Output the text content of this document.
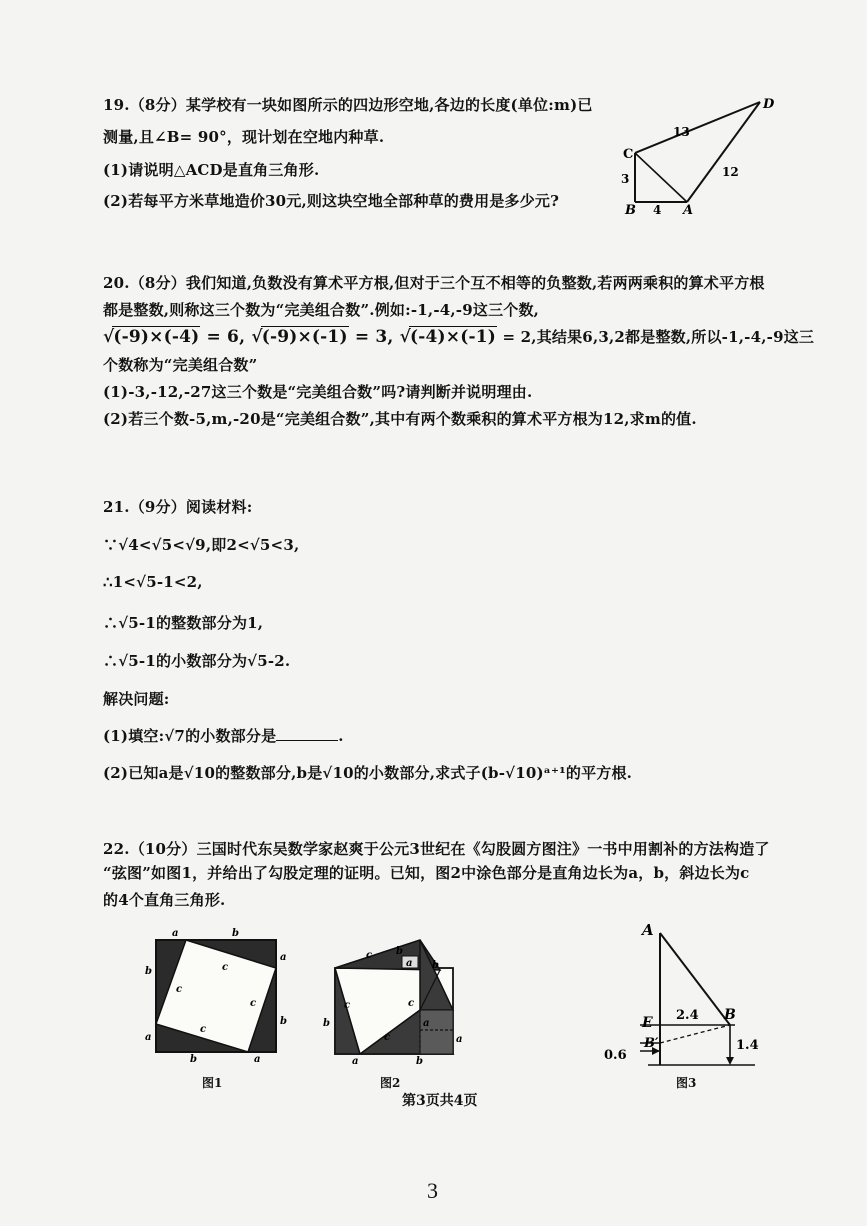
19.（8分）某学校有一块如图所示的四边形空地,各边的长度(单位:m)已
测量,且∠B= 90°，现计划在空地内种草.
(1)请说明△ACD是直角三角形.
(2)若每平方米草地造价30元,则这块空地全部种草的费用是多少元?
C
D
B	A
13
12
3
4
20.（8分）我们知道,负数没有算术平方根,但对于三个互不相等的负整数,若两两乘积的算术平方根
都是整数,则称这三个数为“完美组合数”.例如:-1,-4,-9这三个数,
√(-9)×(-4) = 6, √(-9)×(-1) = 3, √(-4)×(-1) = 2,其结果6,3,2都是整数,所以-1,-4,-9这三
个数称为“完美组合数”
(1)-3,-12,-27这三个数是“完美组合数”吗?请判断并说明理由.
(2)若三个数-5,m,-20是“完美组合数”,其中有两个数乘积的算术平方根为12,求m的值.
21.（9分）阅读材料:
∵√4<√5<√9,即2<√5<3,
∴1<√5-1<2,
∴√5-1的整数部分为1,
∴√5-1的小数部分为√5-2.
解决问题:
(1)填空:√7的小数部分是	.
(2)已知a是√10的整数部分,b是√10的小数部分,求式子(b-√10)ᵃ⁺¹的平方根.
22.（10分）三国时代东吴数学家赵爽于公元3世纪在《勾股圆方图注》一书中用割补的方法构造了
“弦图”如图1，并给出了勾股定理的证明。已知，图2中涂色部分是直角边长为a，b，斜边长为c
的4个直角三角形.
a	b
b
a
a
b
b	a
c
c
c
c
图1
c b
a b
c
b
c
c
a
a
a	b
图2
A
E	B
B′
2.4
1.4
0.6
图3
第3页共4页
3
